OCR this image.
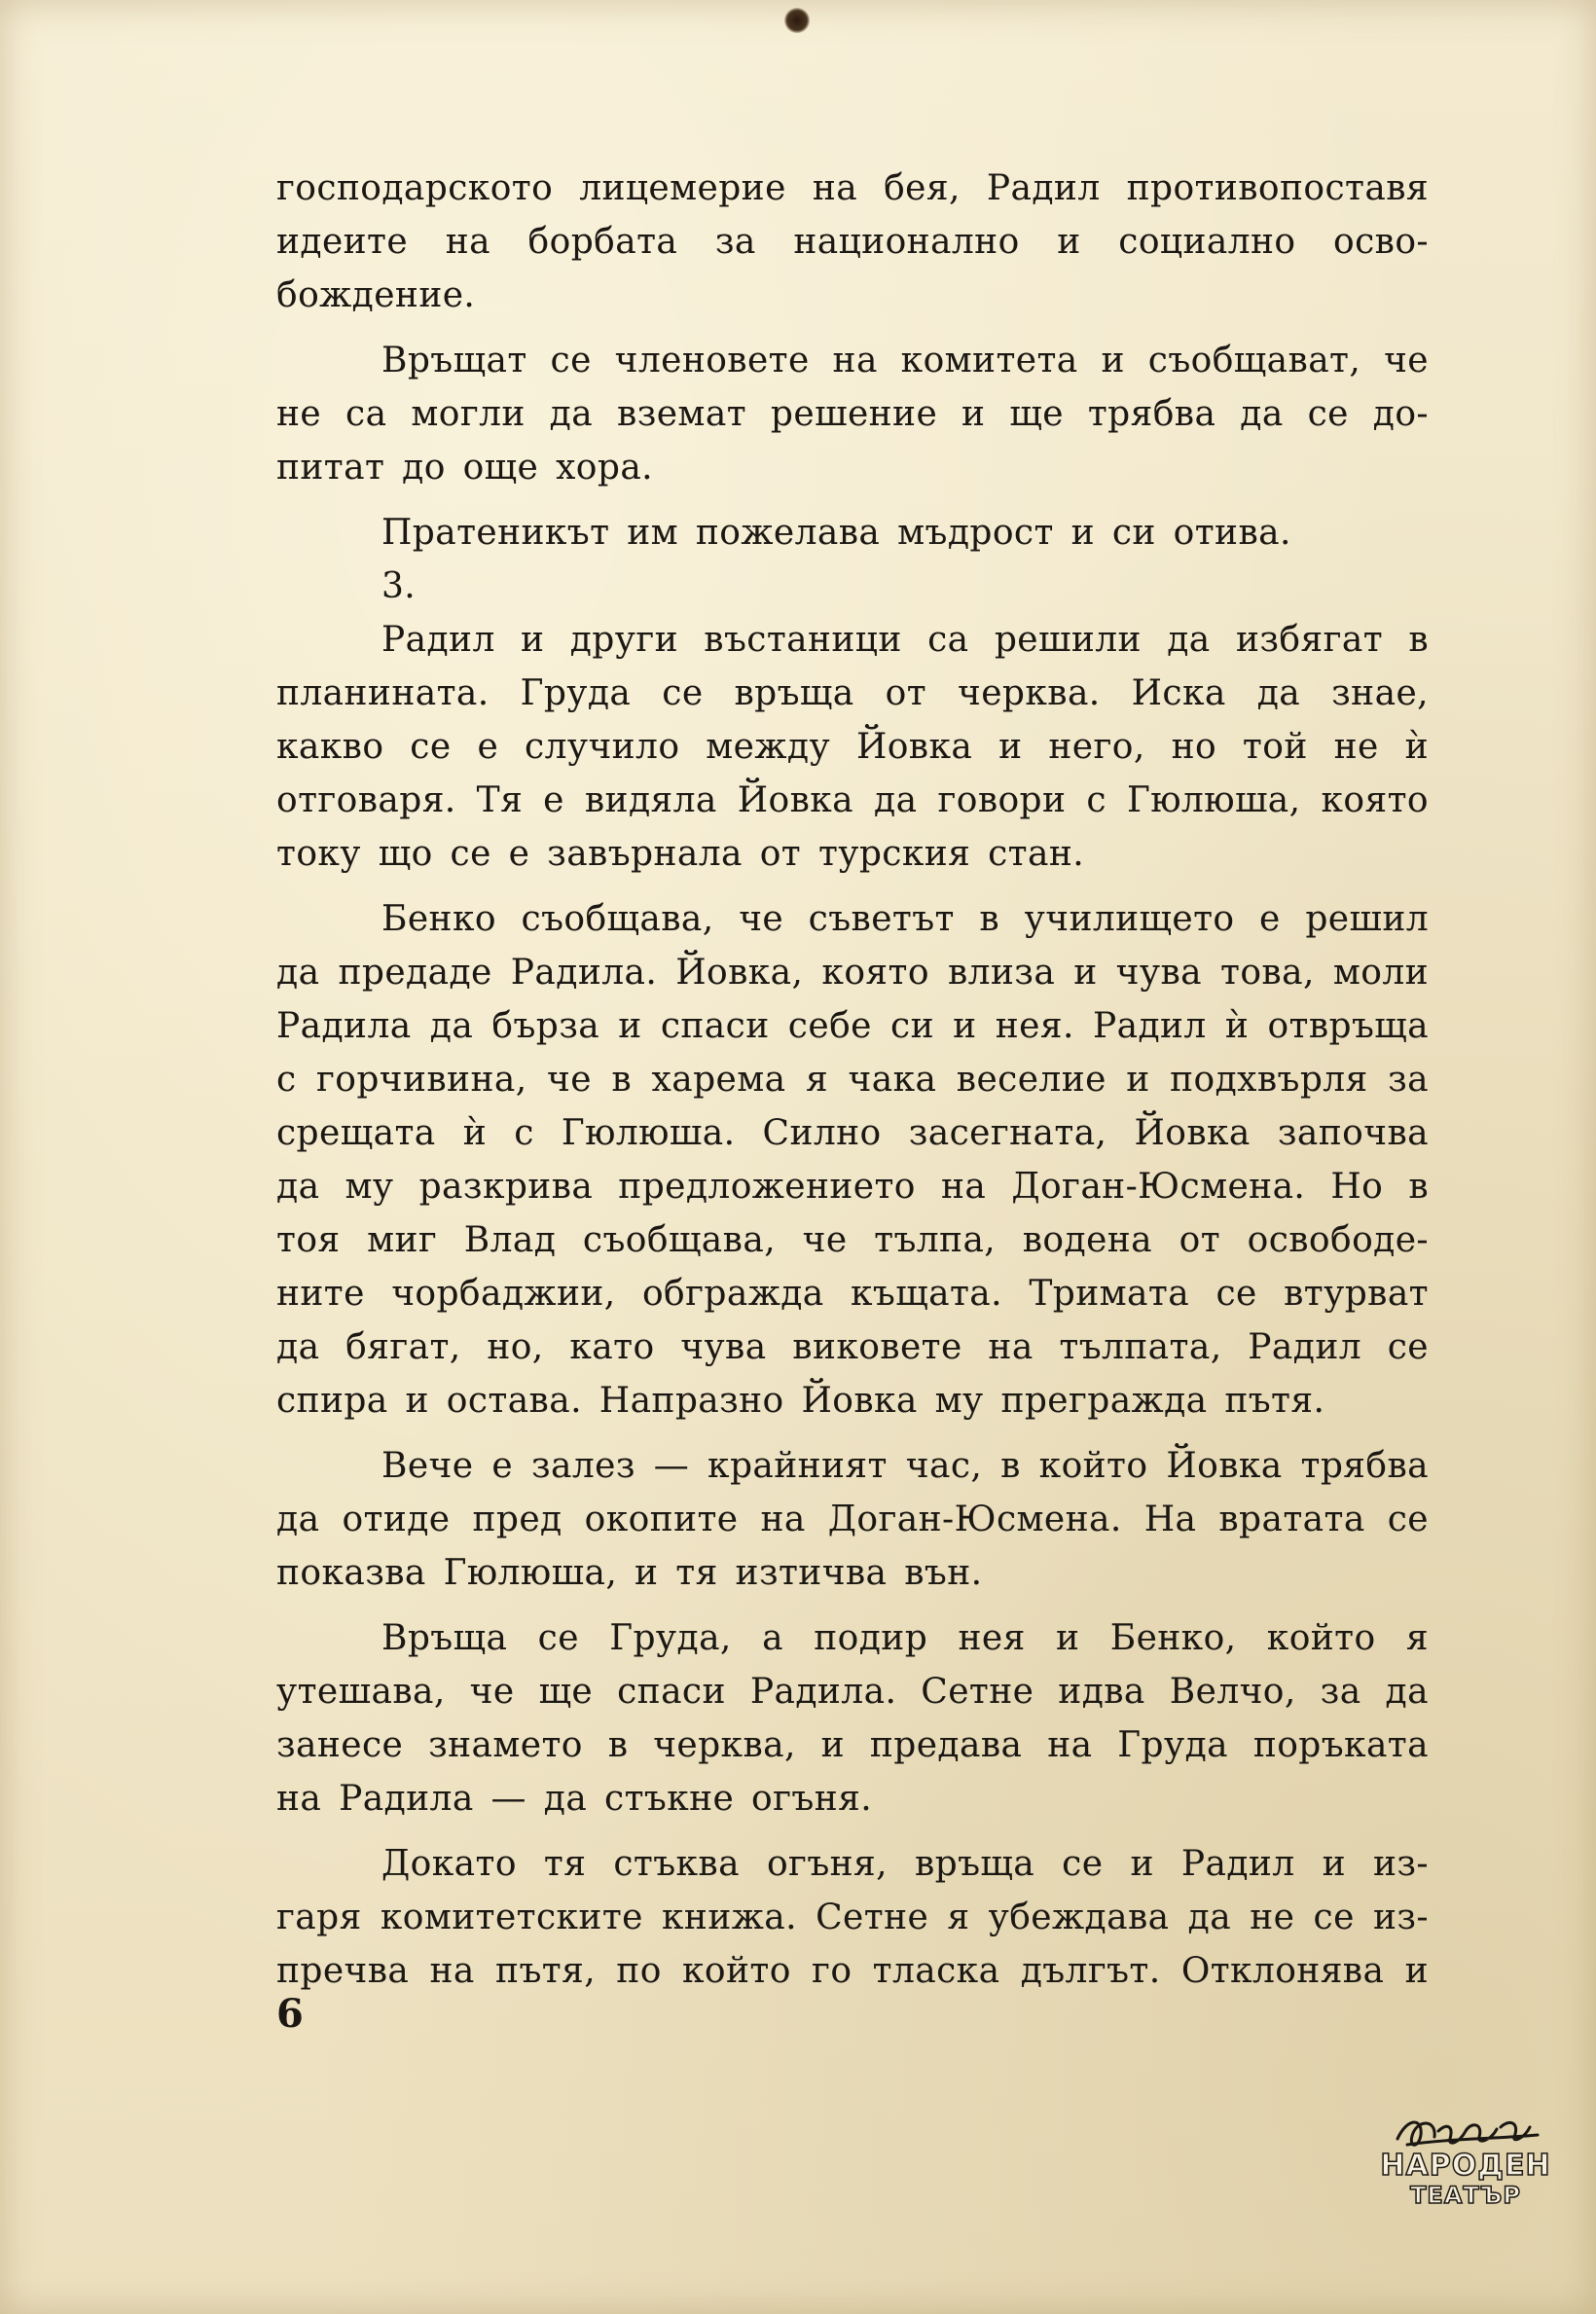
господарското лицемерие на бея, Радил противопоставя
идеите на борбата за национално и социално осво-
бождение.

Връщат се членовете на комитета и съобщават, че
не са могли да вземат решение и ще трябва да се до-
питат до още хора.

Пратеникът им пожелава мъдрост и си отива.

3.

Радил и други въстаници са решили да избягат в
планината. Груда се връща от черква. Иска да знае,
какво се е случило между Йовка и него, но той не ѝ
отговаря. Тя е видяла Йовка да говори с Гюлюша, която
току що се е завърнала от турския стан.

Бенко съобщава, че съветът в училището е решил
да предаде Радила. Йовка, която влиза и чува това, моли
Радила да бърза и спаси себе си и нея. Радил ѝ отвръща
с горчивина, че в харема я чака веселие и подхвърля за
срещата ѝ с Гюлюша. Силно засегната, Йовка започва
да му разкрива предложението на Доган-Юсмена. Но в
тоя миг Влад съобщава, че тълпа, водена от освободе-
ните чорбаджии, обгражда къщата. Тримата се втурват
да бягат, но, като чува виковете на тълпата, Радил се
спира и остава. Напразно Йовка му преграждa пътя.

Вече е залез — крайният час, в който Йовка трябва
да отиде пред окопите на Доган-Юсмена. На вратата се
показва Гюлюша, и тя изтичва вън.

Връща се Груда, а подир нея и Бенко, който я
утешава, че ще спаси Радила. Сетне идва Велчо, за да
занесе знамето в черква, и предава на Груда поръката
на Радила — да стъкне огъня.

Докато тя стъква огъня, връща се и Радил и из-
гаря комитетските книжа. Сетне я убеждава да не се из-
пречва на пътя, по който го тласка дългът. Отклонява и

6
НАРОДЕН
ТЕАТЪР
